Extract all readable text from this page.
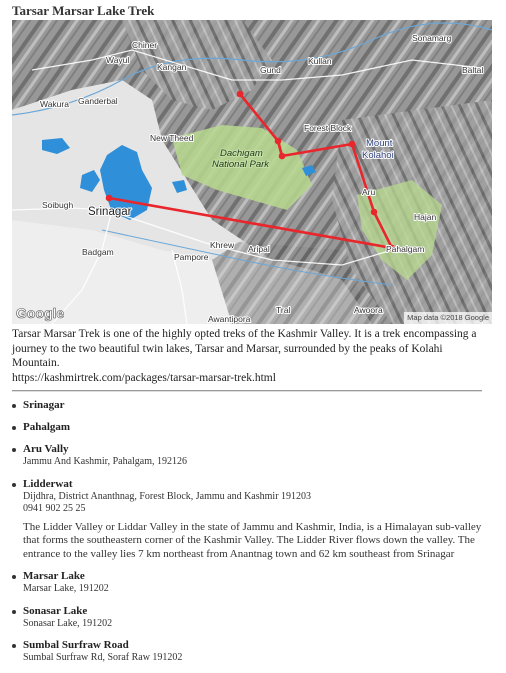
Tarsar Marsar Lake Trek
Chiner
Wayul
Kangan	Gund
Kullan
Sonamarg
Baltal
Wakura Ganderbal
New Theed
Dachigam
National Park
Forest Block
Mount
Kolahoi
Soibugh
Srinagar
Aru
Hajan
Khrew Aripal	Pahalgam
Badgam	Pampore
Tral
Awantipora
Awoora
Google	Map data ©2018 Google

Tarsar Marsar Trek is one of the highly opted treks of the Kashmir Valley. It is a trek encompassing a journey to the two beautiful twin lakes, Tarsar and Marsar, surrounded by the peaks of Kolahi Mountain.
https://kashmirtrek.com/packages/tarsar-marsar-trek.html

Srinagar
Pahalgam
Aru Vally
Jammu And Kashmir, Pahalgam, 192126
Lidderwat
Dijdhra, District Ananthnag, Forest Block, Jammu and Kashmir 191203
0941 902 25 25
The Lidder Valley or Liddar Valley in the state of Jammu and Kashmir, India, is a Himalayan sub-valley that forms the southeastern corner of the Kashmir Valley. The Lidder River flows down the valley. The entrance to the valley lies 7 km northeast from Anantnag town and 62 km southeast from Srinagar
Marsar Lake
Marsar Lake, 191202
Sonasar Lake
Sonasar Lake, 191202
Sumbal Surfraw Road
Sumbal Surfraw Rd, Soraf Raw 191202
